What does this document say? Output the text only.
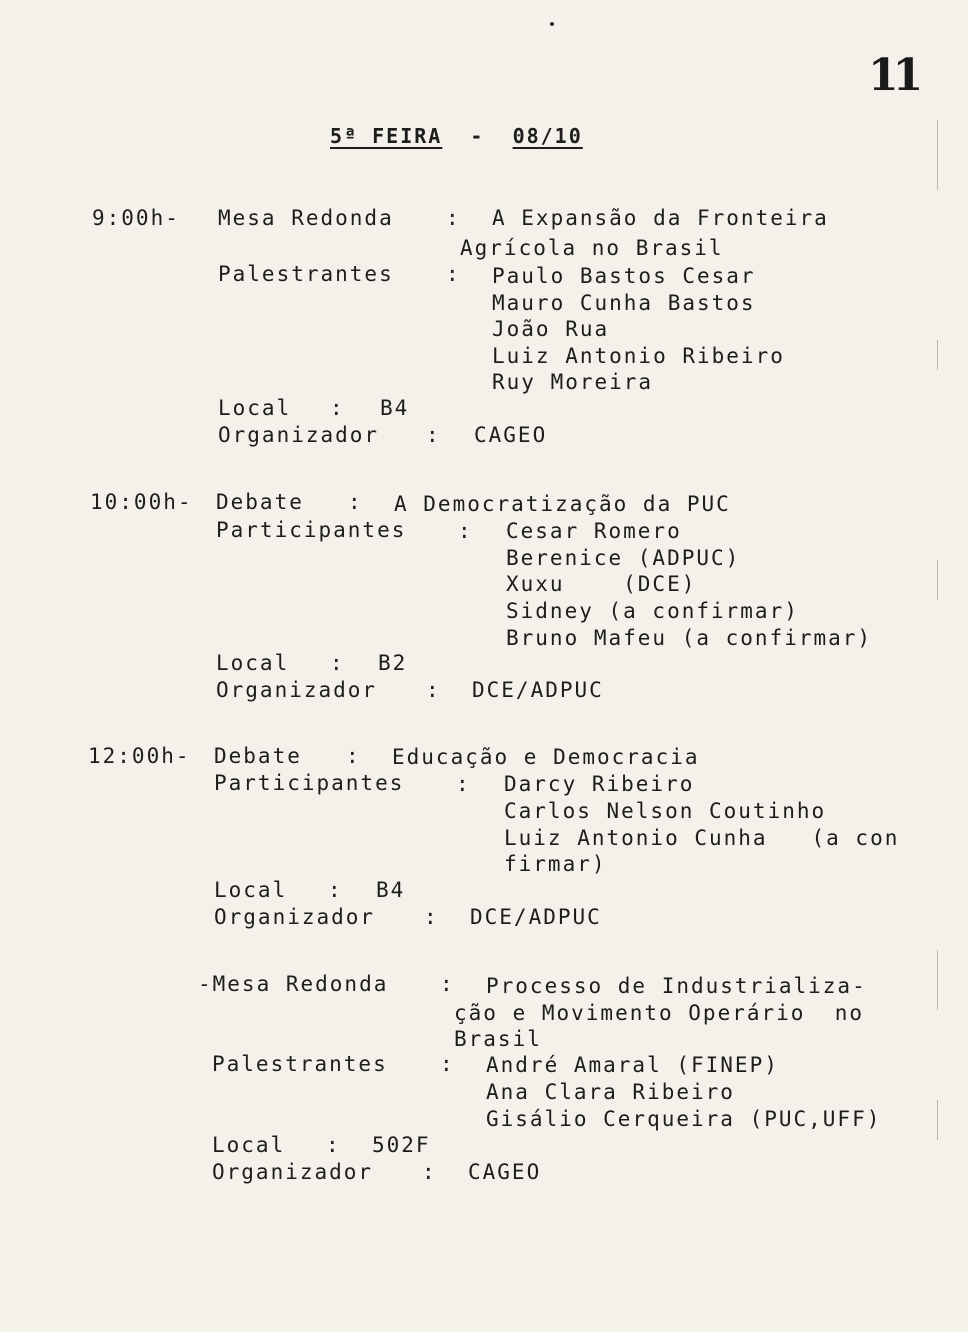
11
5ª FEIRA - 08/10
9:00h- Mesa Redonda : A Expansão da Fronteira
Agrícola no Brasil
Palestrantes : Paulo Bastos Cesar
Mauro Cunha Bastos
João Rua
Luiz Antonio Ribeiro
Ruy Moreira
Local : B4
Organizador : CAGEO
10:00h- Debate : A Democratização da PUC
Participantes : Cesar Romero
Berenice (ADPUC)
Xuxu    (DCE)
Sidney (a confirmar)
Bruno Mafeu (a confirmar)
Local : B2
Organizador : DCE/ADPUC
12:00h- Debate : Educação e Democracia
Participantes : Darcy Ribeiro
Carlos Nelson Coutinho
Luiz Antonio Cunha   (a con
firmar)
Local : B4
Organizador : DCE/ADPUC
-Mesa Redonda : Processo de Industrializa-
ção e Movimento Operário  no
Brasil
Palestrantes : André Amaral (FINEP)
Ana Clara Ribeiro
Gisálio Cerqueira (PUC,UFF)
Local : 502F
Organizador : CAGEO
